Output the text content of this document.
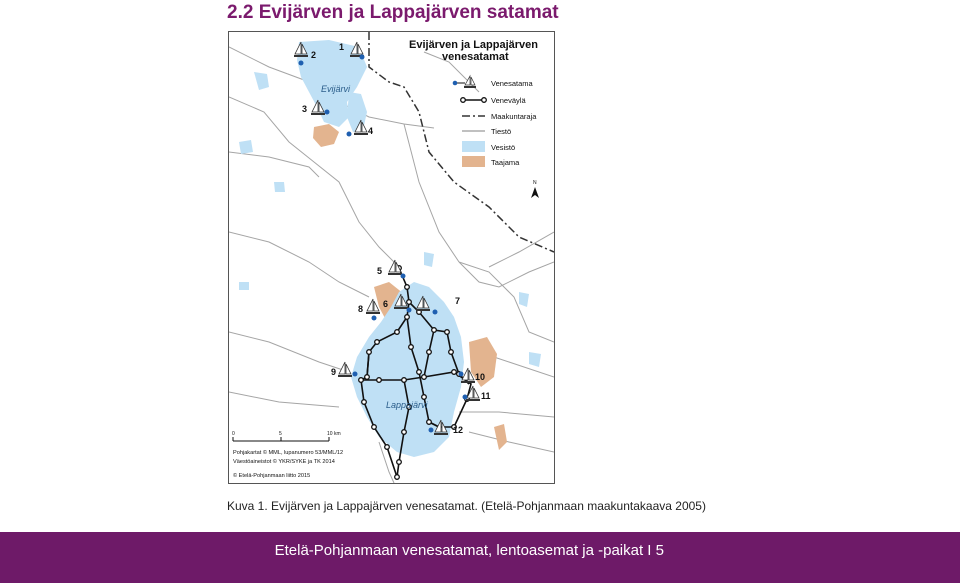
2.2 Evijärven ja Lappajärven satamat
1
2
3
4
5
6	7
8
9	10
11
12
Evijärvi
Lappajärvi
Evijärven ja Lappajärven
venesatamat
Venesatama
Veneväylä
Maakuntaraja
Tiestö
Vesistö
Taajama
N
0	5	10 km
Pohjakartat © MML, lupanumero 53/MML/12
Väestöaineistot © YKR/SYKE ja TK 2014
© Etelä-Pohjanmaan liitto 2015
Kuva 1. Evijärven ja Lappajärven venesatamat. (Etelä-Pohjanmaan maakuntakaava 2005)
Etelä-Pohjanmaan venesatamat, lentoasemat ja -paikat I 5
